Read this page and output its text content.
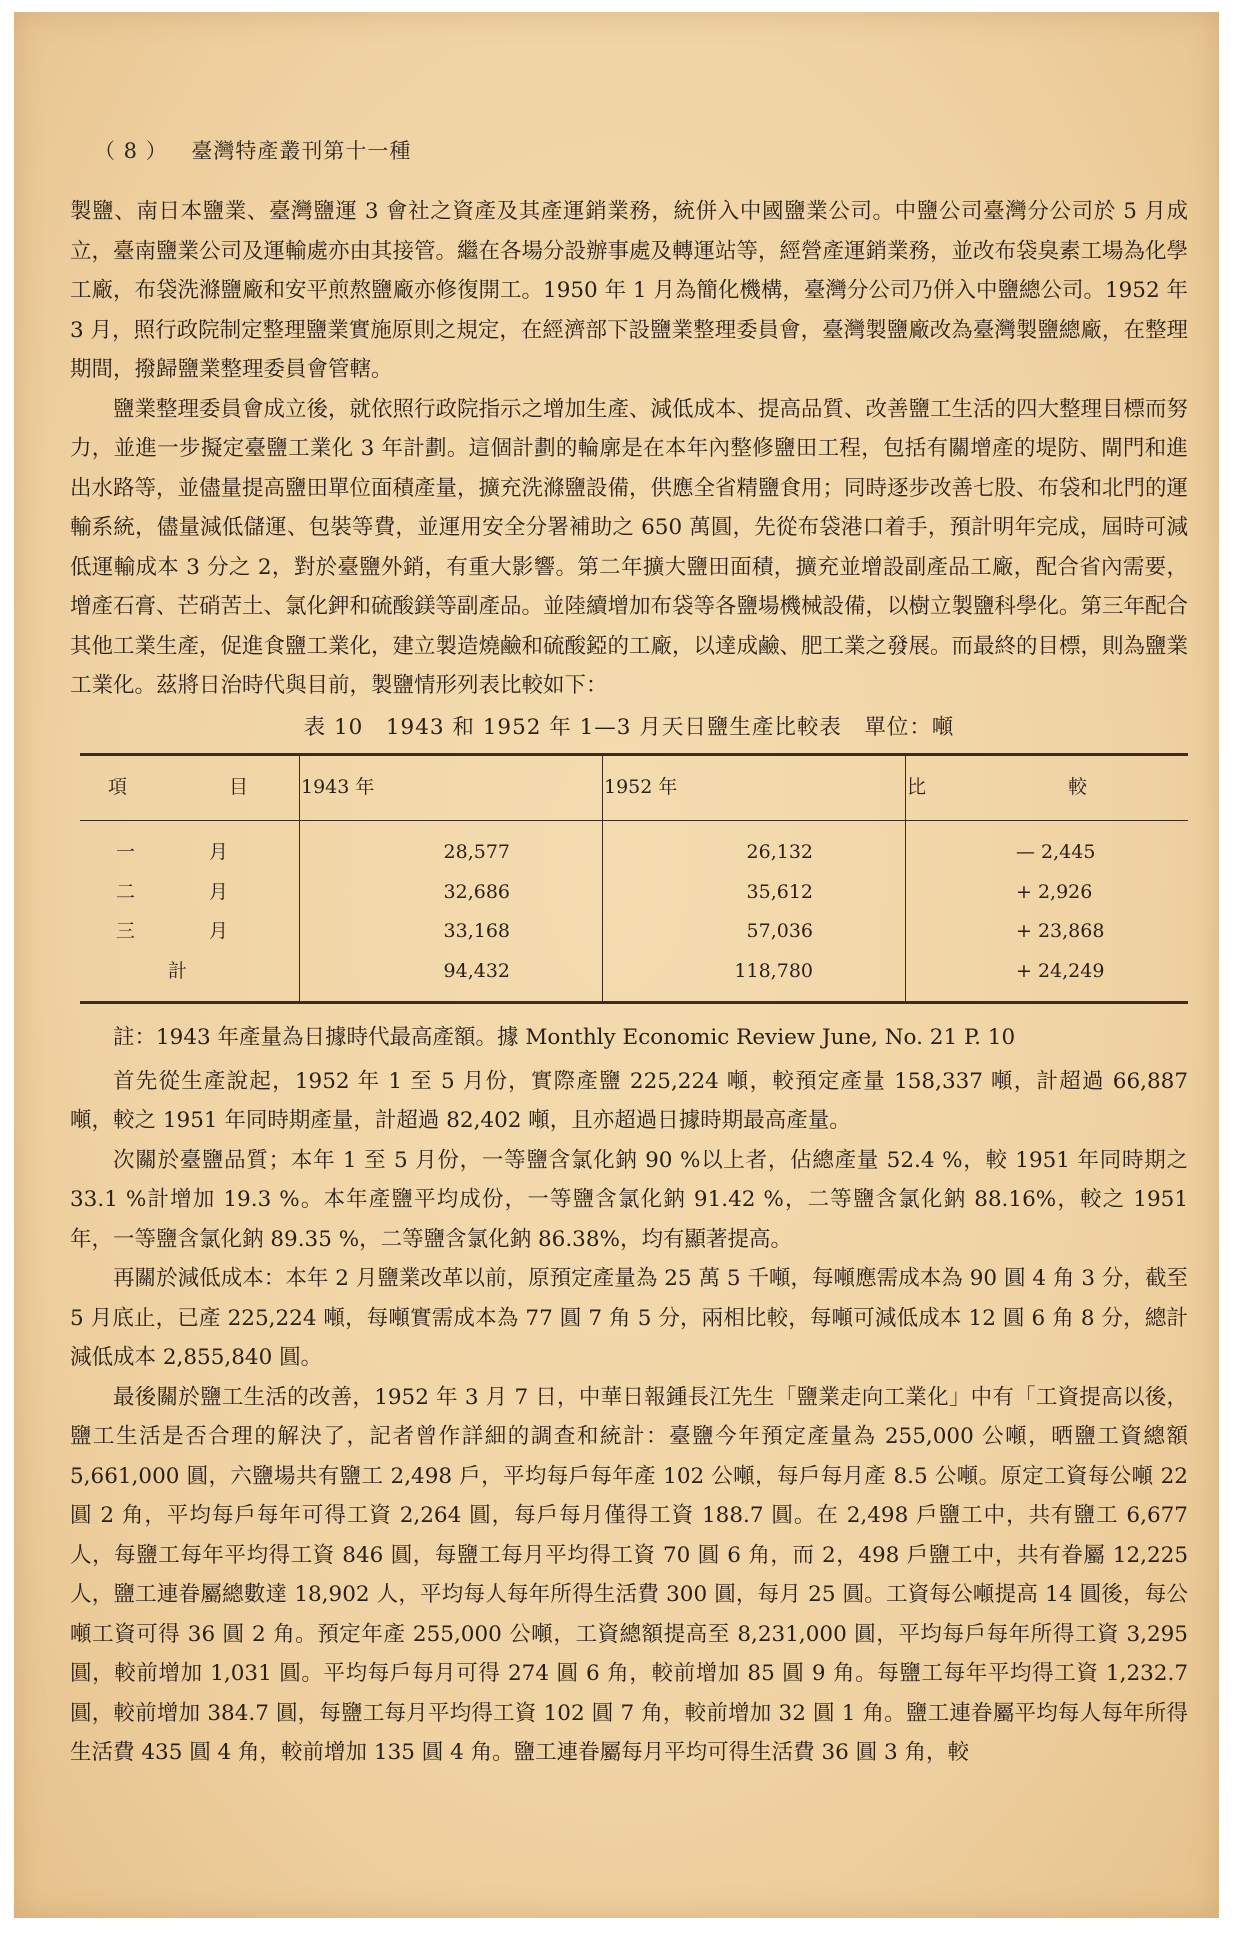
（ 8 ） 臺灣特產叢刊第十一種

製鹽、南日本鹽業、臺灣鹽運 3 會社之資產及其產運銷業務，統併入中國鹽業公司。中鹽公司臺灣分公司於 5 月成立，臺南鹽業公司及運輸處亦由其接管。繼在各場分設辦事處及轉運站等，經營產運銷業務，並改布袋臭素工場為化學工廠，布袋洗滌鹽廠和安平煎熬鹽廠亦修復開工。1950 年 1 月為簡化機構，臺灣分公司乃併入中鹽總公司。1952 年 3 月，照行政院制定整理鹽業實施原則之規定，在經濟部下設鹽業整理委員會，臺灣製鹽廠改為臺灣製鹽總廠，在整理期間，撥歸鹽業整理委員會管轄。

鹽業整理委員會成立後，就依照行政院指示之增加生產、減低成本、提高品質、改善鹽工生活的四大整理目標而努力，並進一步擬定臺鹽工業化 3 年計劃。這個計劃的輪廓是在本年內整修鹽田工程，包括有關增產的堤防、閘門和進出水路等，並儘量提高鹽田單位面積產量，擴充洗滌鹽設備，供應全省精鹽食用；同時逐步改善七股、布袋和北門的運輸系統，儘量減低儲運、包裝等費，並運用安全分署補助之 650 萬圓，先從布袋港口着手，預計明年完成，屆時可減低運輸成本 3 分之 2，對於臺鹽外銷，有重大影響。第二年擴大鹽田面積，擴充並增設副產品工廠，配合省內需要，增產石膏、芒硝苦土、氯化鉀和硫酸鎂等副產品。並陸續增加布袋等各鹽場機械設備，以樹立製鹽科學化。第三年配合其他工業生產，促進食鹽工業化，建立製造燒鹼和硫酸錏的工廠，以達成鹼、肥工業之發展。而最終的目標，則為鹽業工業化。茲將日治時代與目前，製鹽情形列表比較如下：

表 10　1943 和 1952 年 1—3 月天日鹽生產比較表　單位：噸
項目	1943 年	1952 年	比較
一月	28,577	26,132	— 2,445
二月	32,686	35,612	+ 2,926
三月	33,168	57,036	+ 23,868
計	94,432	118,780	+ 24,249
註：1943 年產量為日據時代最高產額。據 Monthly Economic Review June, No. 21 P. 10

首先從生產說起，1952 年 1 至 5 月份，實際產鹽 225,224 噸，較預定產量 158,337 噸，計超過 66,887 噸，較之 1951 年同時期產量，計超過 82,402 噸，且亦超過日據時期最高產量。

次關於臺鹽品質；本年 1 至 5 月份，一等鹽含氯化鈉 90 %以上者，佔總產量 52.4 %，較 1951 年同時期之 33.1 %計增加 19.3 %。本年產鹽平均成份，一等鹽含氯化鈉 91.42 %，二等鹽含氯化鈉 88.16%，較之 1951 年，一等鹽含氯化鈉 89.35 %，二等鹽含氯化鈉 86.38%，均有顯著提高。

再關於減低成本：本年 2 月鹽業改革以前，原預定產量為 25 萬 5 千噸，每噸應需成本為 90 圓 4 角 3 分，截至 5 月底止，已產 225,224 噸，每噸實需成本為 77 圓 7 角 5 分，兩相比較，每噸可減低成本 12 圓 6 角 8 分，總計減低成本 2,855,840 圓。

最後關於鹽工生活的改善，1952 年 3 月 7 日，中華日報鍾長江先生「鹽業走向工業化」中有「工資提高以後，鹽工生活是否合理的解決了，記者曾作詳細的調查和統計：臺鹽今年預定產量為 255,000 公噸，晒鹽工資總額 5,661,000 圓，六鹽場共有鹽工 2,498 戶，平均每戶每年產 102 公噸，每戶每月產 8.5 公噸。原定工資每公噸 22 圓 2 角，平均每戶每年可得工資 2,264 圓，每戶每月僅得工資 188.7 圓。在 2,498 戶鹽工中，共有鹽工 6,677 人，每鹽工每年平均得工資 846 圓，每鹽工每月平均得工資 70 圓 6 角，而 2，498 戶鹽工中，共有眷屬 12,225 人，鹽工連眷屬總數達 18,902 人，平均每人每年所得生活費 300 圓，每月 25 圓。工資每公噸提高 14 圓後，每公噸工資可得 36 圓 2 角。預定年產 255,000 公噸，工資總額提高至 8,231,000 圓，平均每戶每年所得工資 3,295 圓，較前增加 1,031 圓。平均每戶每月可得 274 圓 6 角，較前增加 85 圓 9 角。每鹽工每年平均得工資 1,232.7 圓，較前增加 384.7 圓，每鹽工每月平均得工資 102 圓 7 角，較前增加 32 圓 1 角。鹽工連眷屬平均每人每年所得生活費 435 圓 4 角，較前增加 135 圓 4 角。鹽工連眷屬每月平均可得生活費 36 圓 3 角，較
